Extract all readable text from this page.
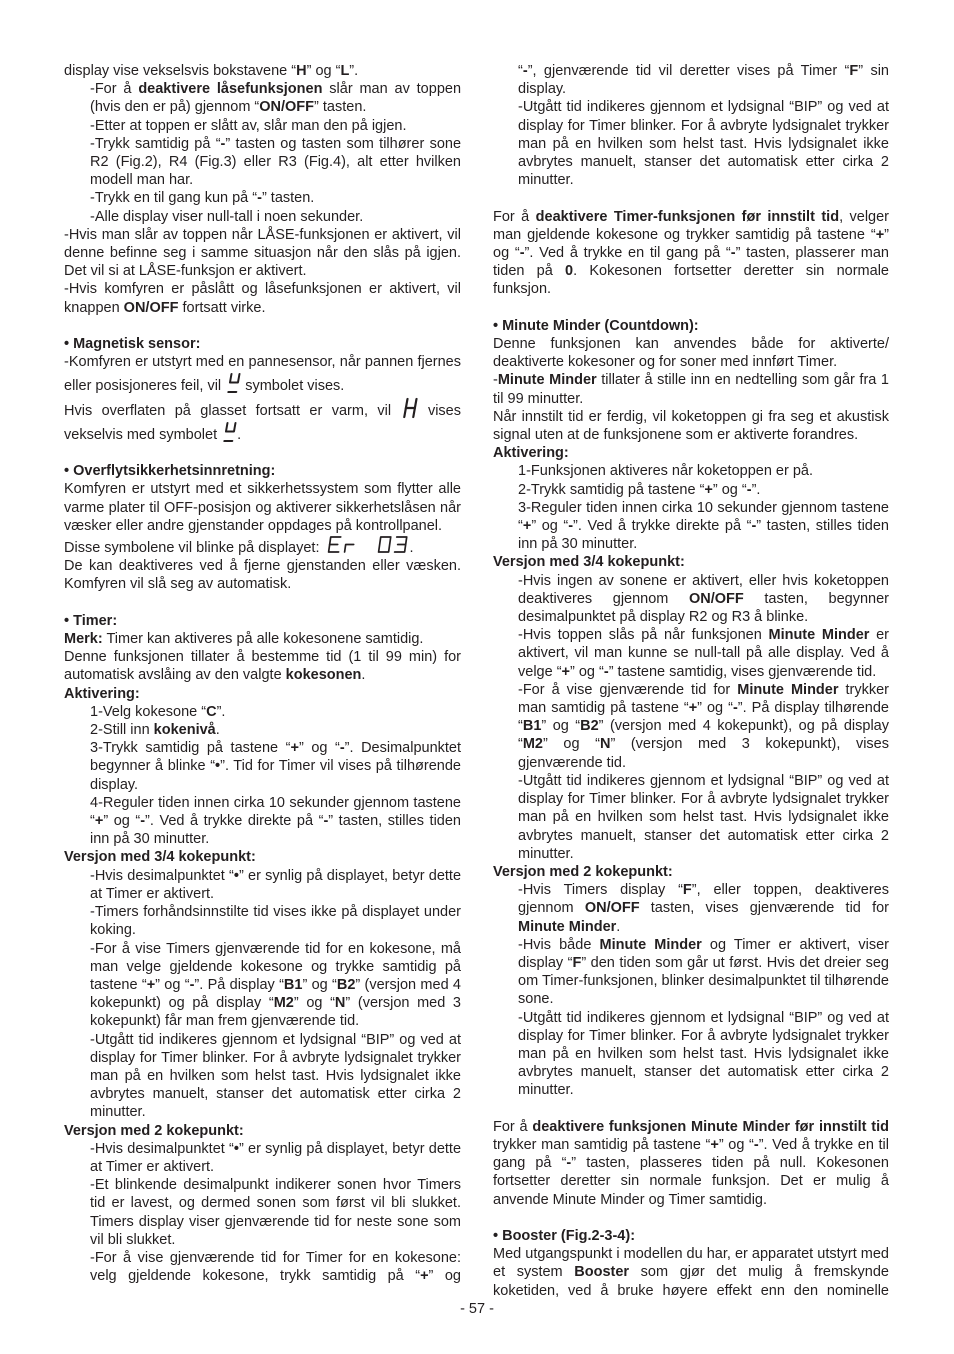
display vise vekselsvis bokstavene “H” og “L”.
-For å deaktivere låsefunksjonen slår man av toppen (hvis den er på) gjennom “ON/OFF” tasten.
-Etter at toppen er slått av, slår man den på igjen.
-Trykk samtidig på “-” tasten og tasten som tilhører sone R2 (Fig.2), R4 (Fig.3) eller R3 (Fig.4), alt etter hvilken modell man har.
-Trykk en til gang kun på “-” tasten.
-Alle display viser null-tall i noen sekunder.
-Hvis man slår av toppen når LÅSE-funksjonen er aktivert, vil denne befinne seg i samme situasjon når den slås på igjen. Det vil si at LÅSE-funksjon er aktivert.
-Hvis komfyren er påslått og låsefunksjonen er aktivert, vil knappen ON/OFF fortsatt virke.
• Magnetisk sensor:
-Komfyren er utstyrt med en pannesensor, når pannen fjernes eller posisjoneres feil, vil
symbolet vises.
Hvis overflaten på glasset fortsatt er varm, vil
vises vekselvis med symbolet
.
• Overflytsikkerhetsinnretning:
Komfyren er utstyrt med et sikkerhetssystem som flytter alle varme plater til OFF-posisjon og aktiverer sikkerhetslåsen når væsker eller andre gjenstander oppdages på kontrollpanel.
Disse symbolene vil blinke på displayet:	.
De kan deaktiveres ved å fjerne gjenstanden eller væsken. Komfyren vil slå seg av automatisk.
• Timer:
Merk: Timer kan aktiveres på alle kokesonene samtidig.
Denne funksjonen tillater å bestemme tid (1 til 99 min) for automatisk avslåing av den valgte kokesonen.
Aktivering:
1-Velg kokesone “C”.
2-Still inn kokenivå.
3-Trykk samtidig på tastene “+” og “-”. Desimalpunktet begynner å blinke “•”. Tid for Timer vil vises på tilhørende display.
4-Reguler tiden innen cirka 10 sekunder gjennom tastene “+” og “-”. Ved å trykke direkte på “-” tasten, stilles tiden inn på 30 minutter.
Versjon med 3/4 kokepunkt:
-Hvis desimalpunktet “•” er synlig på displayet, betyr dette at Timer er aktivert.
-Timers forhåndsinnstilte tid vises ikke på displayet under koking.
-For å vise Timers gjenværende tid for en kokesone, må man velge gjeldende kokesone og trykke samtidig på tastene “+” og “-”. På display “B1” og “B2” (versjon med 4 kokepunkt) og på display “M2” og “N” (versjon med 3 kokepunkt) får man frem gjenværende tid.
-Utgått tid indikeres gjennom et lydsignal “BIP” og ved at display for Timer blinker. For å avbryte lydsignalet trykker man på en hvilken som helst tast. Hvis lydsignalet ikke avbrytes manuelt, stanser det automatisk etter cirka 2 minutter.
Versjon med 2 kokepunkt:
-Hvis desimalpunktet “•” er synlig på displayet, betyr dette at Timer er aktivert.
-Et blinkende desimalpunkt indikerer sonen hvor Timers tid er lavest, og dermed sonen som først vil bli slukket. Timers display viser gjenværende tid for neste sone som vil bli slukket.
-For å vise gjenværende tid for Timer for en kokesone: velg gjeldende kokesone, trykk samtidig på “+” og
“-”, gjenværende tid vil deretter vises på Timer “F” sin display.
-Utgått tid indikeres gjennom et lydsignal “BIP” og ved at display for Timer blinker. For å avbryte lydsignalet trykker man på en hvilken som helst tast. Hvis lydsignalet ikke avbrytes manuelt, stanser det automatisk etter cirka 2 minutter.
For å deaktivere Timer-funksjonen før innstilt tid, velger man gjeldende kokesone og trykker samtidig på tastene “+” og “-”. Ved å trykke en til gang på “-” tasten, plasserer man tiden på 0. Kokesonen fortsetter deretter sin normale funksjon.
• Minute Minder (Countdown):
Denne funksjonen kan anvendes både for aktiverte/ deaktiverte kokesoner og for soner med innført Timer.
-Minute Minder tillater å stille inn en nedtelling som går fra 1 til 99 minutter.
Når innstilt tid er ferdig, vil koketoppen gi fra seg et akustisk signal uten at de funksjonene som er aktiverte forandres.
Aktivering:
1-Funksjonen aktiveres når koketoppen er på.
2-Trykk samtidig på tastene “+” og “-”.
3-Reguler tiden innen cirka 10 sekunder gjennom tastene “+” og “-”. Ved å trykke direkte på “-” tasten, stilles tiden inn på 30 minutter.
Versjon med 3/4 kokepunkt:
-Hvis ingen av sonene er aktivert, eller hvis koketoppen deaktiveres gjennom ON/OFF tasten, begynner desimalpunktet på display R2 og R3 å blinke.
-Hvis toppen slås på når funksjonen Minute Minder er aktivert, vil man kunne se null-tall på alle display. Ved å velge “+” og “-” tastene samtidig, vises gjenværende tid.
-For å vise gjenværende tid for Minute Minder trykker man samtidig på tastene “+” og “-”. På display tilhørende “B1” og “B2” (versjon med 4 kokepunkt), og på display “M2” og “N” (versjon med 3 kokepunkt), vises gjenværende tid.
-Utgått tid indikeres gjennom et lydsignal “BIP” og ved at display for Timer blinker. For å avbryte lydsignalet trykker man på en hvilken som helst tast. Hvis lydsignalet ikke avbrytes manuelt, stanser det automatisk etter cirka 2 minutter.
Versjon med 2 kokepunkt:
-Hvis Timers display “F”, eller toppen, deaktiveres gjennom ON/OFF tasten, vises gjenværende tid for Minute Minder.
-Hvis både Minute Minder og Timer er aktivert, viser display “F” den tiden som går ut først. Hvis det dreier seg om Timer-funksjonen, blinker desimalpunktet til tilhørende sone.
-Utgått tid indikeres gjennom et lydsignal “BIP” og ved at display for Timer blinker. For å avbryte lydsignalet trykker man på en hvilken som helst tast. Hvis lydsignalet ikke avbrytes manuelt, stanser det automatisk etter cirka 2 minutter.
For å deaktivere funksjonen Minute Minder før innstilt tid trykker man samtidig på tastene “+” og “-”. Ved å trykke en til gang på “-” tasten, plasseres tiden på null. Kokesonen fortsetter deretter sin normale funksjon. Det er mulig å anvende Minute Minder og Timer samtidig.
• Booster (Fig.2-3-4):
Med utgangspunkt i modellen du har, er apparatet utstyrt med et system Booster som gjør det mulig å fremskynde koketiden, ved å bruke høyere effekt enn den nominelle
- 57 -
